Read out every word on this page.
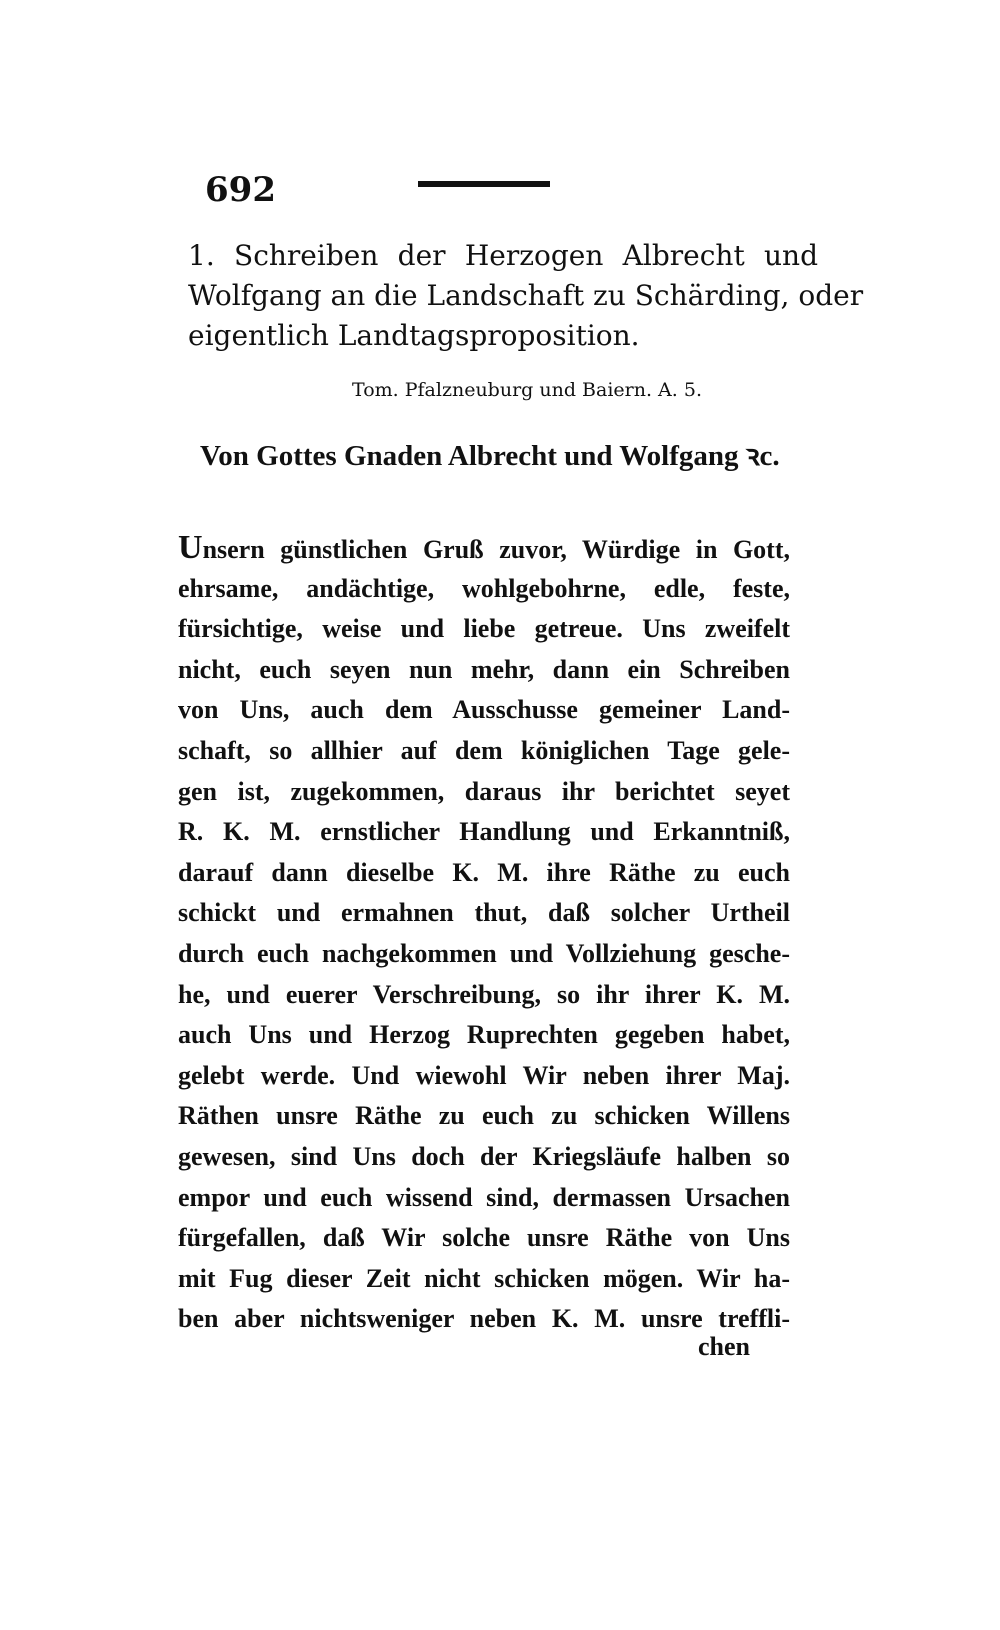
692
1. Schreiben der Herzogen Albrecht und
Wolfgang an die Landschaft zu Schärding, oder
eigentlich Landtagsproposition.
Tom. Pfalzneuburg und Baiern. A. 5.
Von Gottes Gnaden Albrecht und Wolfgang ꝛc.
Unsern günstlichen Gruß zuvor, Würdige in Gott,
ehrsame, andächtige, wohlgebohrne, edle, feste,
fürsichtige, weise und liebe getreue. Uns zweifelt
nicht, euch seyen nun mehr, dann ein Schreiben
von Uns, auch dem Ausschusse gemeiner Land-
schaft, so allhier auf dem königlichen Tage gele-
gen ist, zugekommen, daraus ihr berichtet seyet
R. K. M. ernstlicher Handlung und Erkanntniß,
darauf dann dieselbe K. M. ihre Räthe zu euch
schickt und ermahnen thut, daß solcher Urtheil
durch euch nachgekommen und Vollziehung gesche-
he, und euerer Verschreibung, so ihr ihrer K. M.
auch Uns und Herzog Ruprechten gegeben habet,
gelebt werde. Und wiewohl Wir neben ihrer Maj.
Räthen unsre Räthe zu euch zu schicken Willens
gewesen, sind Uns doch der Kriegsläufe halben so
empor und euch wissend sind, dermassen Ursachen
fürgefallen, daß Wir solche unsre Räthe von Uns
mit Fug dieser Zeit nicht schicken mögen. Wir ha-
ben aber nichtsweniger neben K. M. unsre treffli-
chen
